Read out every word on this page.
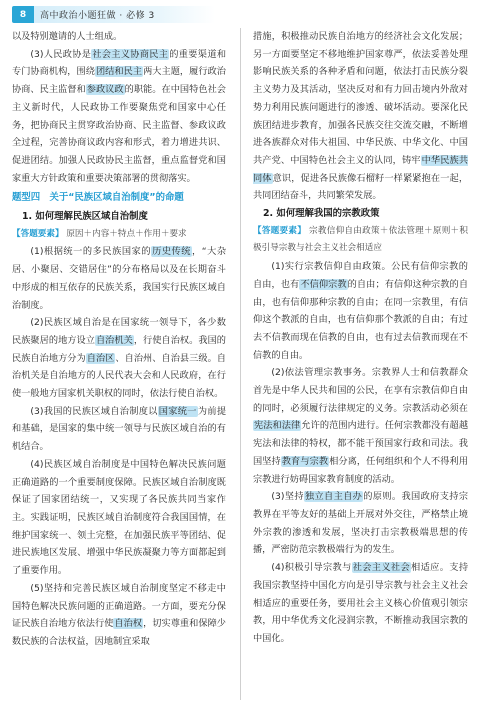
8	高中政治小题狂做 · 必修 3

以及特别邀请的人士组成。

(3)人民政协是社会主义协商民主的重要渠道和专门协商机构，围绕团结和民主两大主题，履行政治协商、民主监督和参政议政的职能。在中国特色社会主义新时代，人民政协工作要聚焦党和国家中心任务，把协商民主贯穿政治协商、民主监督、参政议政全过程，完善协商议政内容和形式，着力增进共识、促进团结。加强人民政协民主监督，重点监督党和国家重大方针政策和重要决策部署的贯彻落实。

题型四　关于“民族区域自治制度”的命题

1. 如何理解民族区域自治制度

【答题要素】 原因＋内容＋特点＋作用＋要求

(1)根据统一的多民族国家的历史传统，“大杂居、小聚居、交错居住”的分布格局以及在长期奋斗中形成的相互依存的民族关系，我国实行民族区域自治制度。

(2)民族区域自治是在国家统一领导下，各少数民族聚居的地方设立自治机关，行使自治权。我国的民族自治地方分为自治区、自治州、自治县三级。自治机关是自治地方的人民代表大会和人民政府，在行使一般地方国家机关职权的同时，依法行使自治权。

(3)我国的民族区域自治制度以国家统一为前提和基础，是国家的集中统一领导与民族区域自治的有机结合。

(4)民族区域自治制度是中国特色解决民族问题正确道路的一个重要制度保障。民族区域自治制度既保证了国家团结统一，又实现了各民族共同当家作主。实践证明，民族区域自治制度符合我国国情，在维护国家统一、领土完整，在加强民族平等团结、促进民族地区发展、增强中华民族凝聚力等方面都起到了重要作用。

(5)坚持和完善民族区域自治制度坚定不移走中国特色解决民族问题的正确道路。一方面，要充分保证民族自治地方依法行使自治权，切实尊重和保障少数民族的合法权益，因地制宜采取

措施，积极推动民族自治地方的经济社会文化发展；另一方面要坚定不移地维护国家尊严，依法妥善处理影响民族关系的各种矛盾和问题，依法打击民族分裂主义势力及其活动，坚决反对和有力回击境内外敌对势力利用民族问题进行的渗透、破坏活动。要深化民族团结进步教育，加强各民族交往交流交融，不断增进各族群众对伟大祖国、中华民族、中华文化、中国共产党、中国特色社会主义的认同，铸牢中华民族共同体意识，促进各民族像石榴籽一样紧紧抱在一起，共同团结奋斗，共同繁荣发展。

2. 如何理解我国的宗教政策

【答题要素】 宗教信仰自由政策＋依法管理＋原则＋积极引导宗教与社会主义社会相适应

(1)实行宗教信仰自由政策。公民有信仰宗教的自由，也有不信仰宗教的自由；有信仰这种宗教的自由，也有信仰那种宗教的自由；在同一宗教里，有信仰这个教派的自由，也有信仰那个教派的自由；有过去不信教而现在信教的自由，也有过去信教而现在不信教的自由。

(2)依法管理宗教事务。宗教界人士和信教群众首先是中华人民共和国的公民，在享有宗教信仰自由的同时，必须履行法律规定的义务。宗教活动必须在宪法和法律允许的范围内进行。任何宗教都没有超越宪法和法律的特权，都不能干预国家行政和司法。我国坚持教育与宗教相分离，任何组织和个人不得利用宗教进行妨碍国家教育制度的活动。

(3)坚持独立自主自办的原则。我国政府支持宗教界在平等友好的基础上开展对外交往，严格禁止境外宗教的渗透和发展，坚决打击宗教极端思想的传播，严密防范宗教极端行为的发生。

(4)积极引导宗教与社会主义社会相适应。支持我国宗教坚持中国化方向是引导宗教与社会主义社会相适应的重要任务，要用社会主义核心价值观引领宗教，用中华优秀文化浸润宗教，不断推动我国宗教的中国化。
